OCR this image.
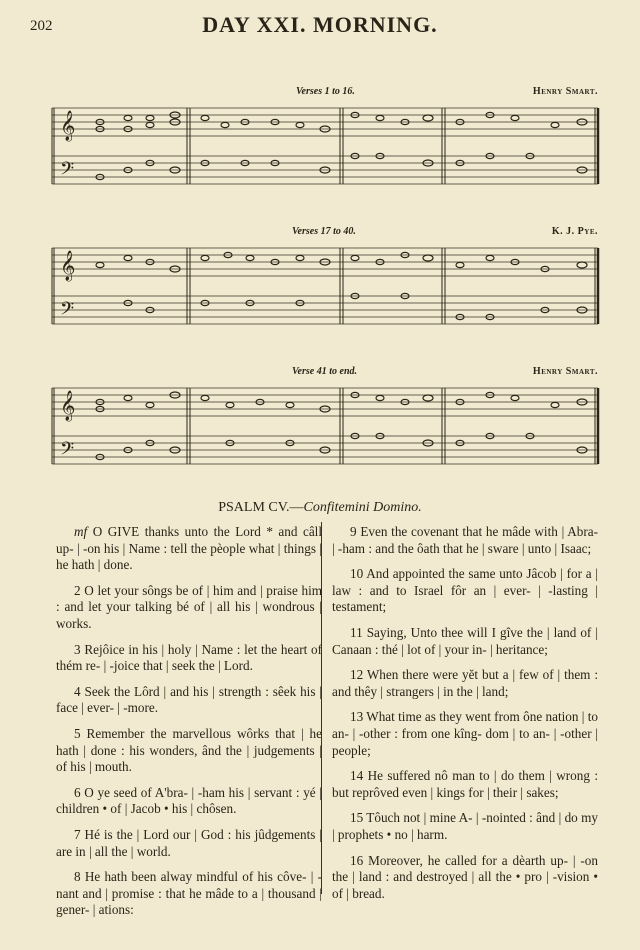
202	DAY XXI. MORNING.
Verses 1 to 16.	Henry Smart.
𝄞
𝄢
Verses 17 to 40.	K. J. Pye.
𝄞
𝄢
Verse 41 to end.	Henry Smart.
𝄞
𝄢
PSALM CV.—Confitemini Domino.

mf O GIVE thanks unto the Lord * and câll up- | -on his | Name : tell the pèople what | things | he hath | done.

2 O let your sôngs be of | him and | praise him : and let your talking bé of | all his | wondrous | works.

3 Rejôice in his | holy | Name : let the heart of thém re- | -joice that | seek the | Lord.

4 Seek the Lôrd | and his | strength : sêek his | face | ever- | -more.

5 Remember the marvellous wôrks that | he hath | done : his wonders, ând the | judgements | of his | mouth.

6 O ye seed of A'bra- | -ham his | servant : yé | children • of | Jacob • his | chôsen.

7 Hé is the | Lord our | God : his jûdgements | are in | all the | world.

8 He hath been alway mindful of his côve- | -nant and | promise : that he mâde to a | thousand | gener- | ations:

9 Even the covenant that he mâde with | Abra- | -ham : and the ôath that he | sware | unto | Isaac;

10 And appointed the same unto Jâcob | for a | law : and to Israel fôr an | ever- | -lasting | testament;

11 Saying, Unto thee will I gîve the | land of | Canaan : thé | lot of | your in- | heritance;

12 When there were yĕt but a | few of | them : and thêy | strangers | in the | land;

13 What time as they went from ône nation | to an- | -other : from one kîng- dom | to an- | -other | people;

14 He suffered nô man to | do them | wrong : but reprôved even | kings for | their | sakes;

15 Tôuch not | mine A- | -nointed : ând | do my | prophets • no | harm.

16 Moreover, he called for a dèarth up- | -on the | land : and destroyed | all the • pro | -vision • of | bread.
